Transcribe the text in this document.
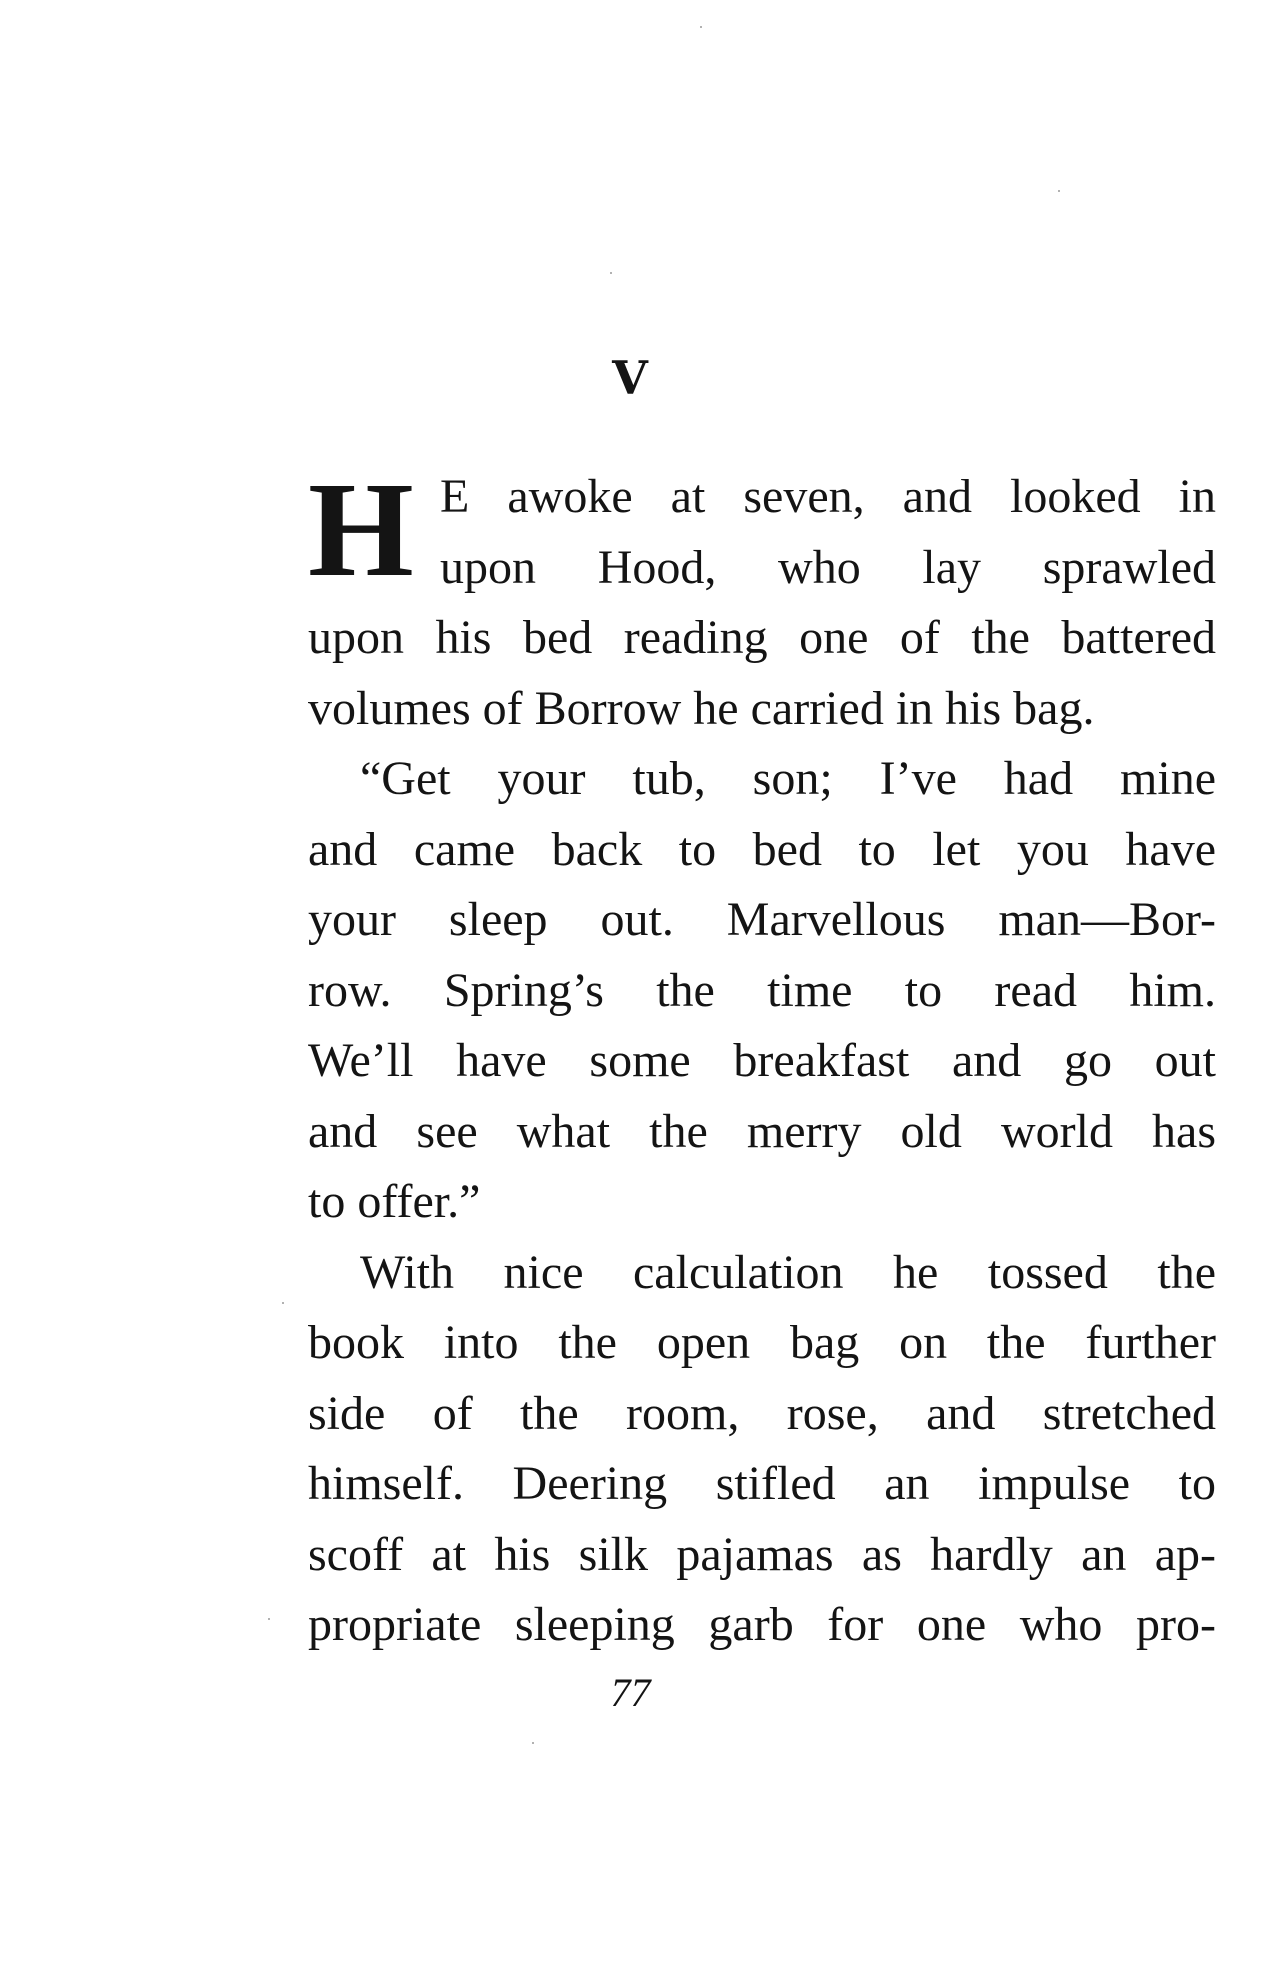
V
H E awoke at seven, and looked in
upon Hood, who lay sprawled
upon his bed reading one of the battered
volumes of Borrow he carried in his bag.
“Get your tub, son; I’ve had mine
and came back to bed to let you have
your sleep out. Marvellous man—Bor-
row. Spring’s the time to read him.
We’ll have some breakfast and go out
and see what the merry old world has
to offer.”
With nice calculation he tossed the
book into the open bag on the further
side of the room, rose, and stretched
himself. Deering stifled an impulse to
scoff at his silk pajamas as hardly an ap-
propriate sleeping garb for one who pro-
77
